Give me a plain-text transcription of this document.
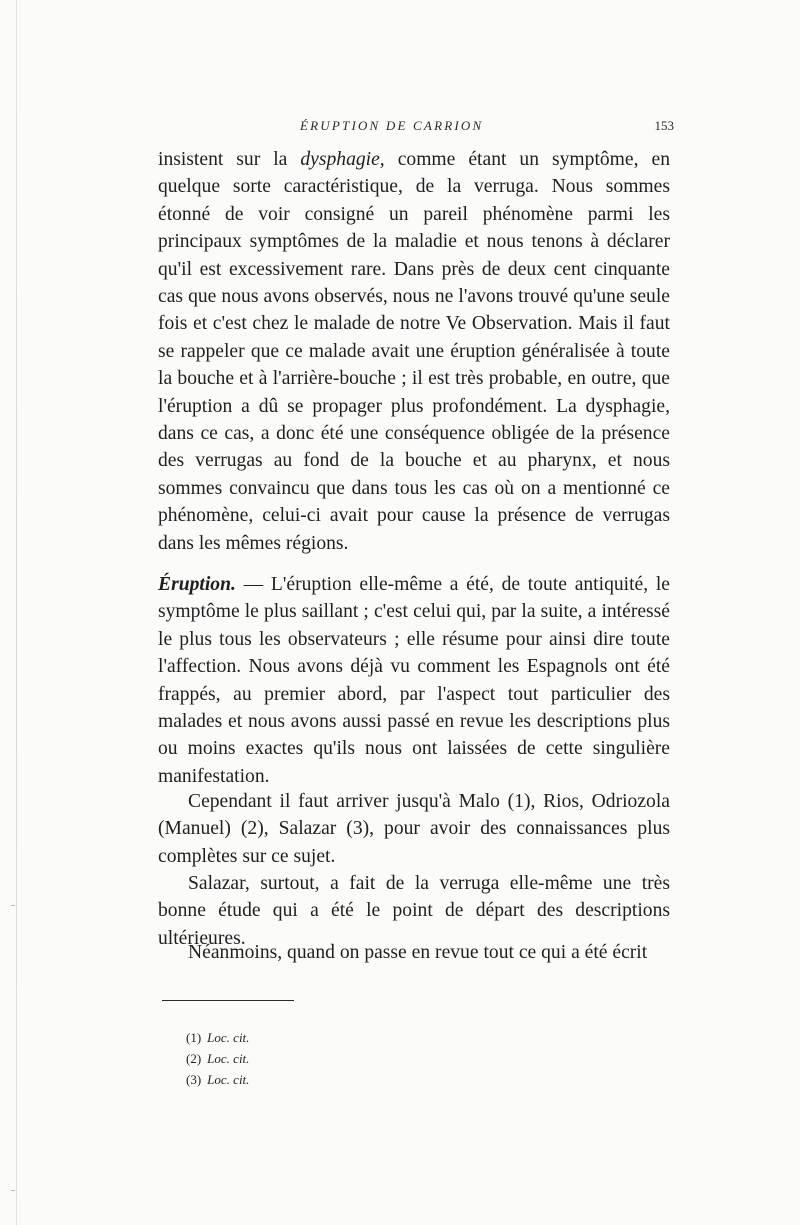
ÉRUPTION DE CARRION	153

insistent sur la dysphagie, comme étant un symptôme, en quelque sorte caractéristique, de la verruga. Nous sommes étonné de voir consigné un pareil phénomène parmi les principaux symptômes de la maladie et nous tenons à déclarer qu'il est excessivement rare. Dans près de deux cent cinquante cas que nous avons observés, nous ne l'avons trouvé qu'une seule fois et c'est chez le malade de notre Ve Observation. Mais il faut se rappeler que ce malade avait une éruption généralisée à toute la bouche et à l'arrière-bouche ; il est très probable, en outre, que l'éruption a dû se propager plus profondément. La dysphagie, dans ce cas, a donc été une conséquence obligée de la présence des verrugas au fond de la bouche et au pharynx, et nous sommes convaincu que dans tous les cas où on a mentionné ce phénomène, celui-ci avait pour cause la présence de verrugas dans les mêmes régions.

Éruption. — L'éruption elle-même a été, de toute antiquité, le symptôme le plus saillant ; c'est celui qui, par la suite, a intéressé le plus tous les observateurs ; elle résume pour ainsi dire toute l'affection. Nous avons déjà vu comment les Espagnols ont été frappés, au premier abord, par l'aspect tout particulier des malades et nous avons aussi passé en revue les descriptions plus ou moins exactes qu'ils nous ont laissées de cette singulière manifestation.

Cependant il faut arriver jusqu'à Malo (1), Rios, Odriozola (Manuel) (2), Salazar (3), pour avoir des connaissances plus complètes sur ce sujet.

Salazar, surtout, a fait de la verruga elle-même une très bonne étude qui a été le point de départ des descriptions ultérieures.

Néanmoins, quand on passe en revue tout ce qui a été écrit

(1) Loc. cit.

(2) Loc. cit.

(3) Loc. cit.
